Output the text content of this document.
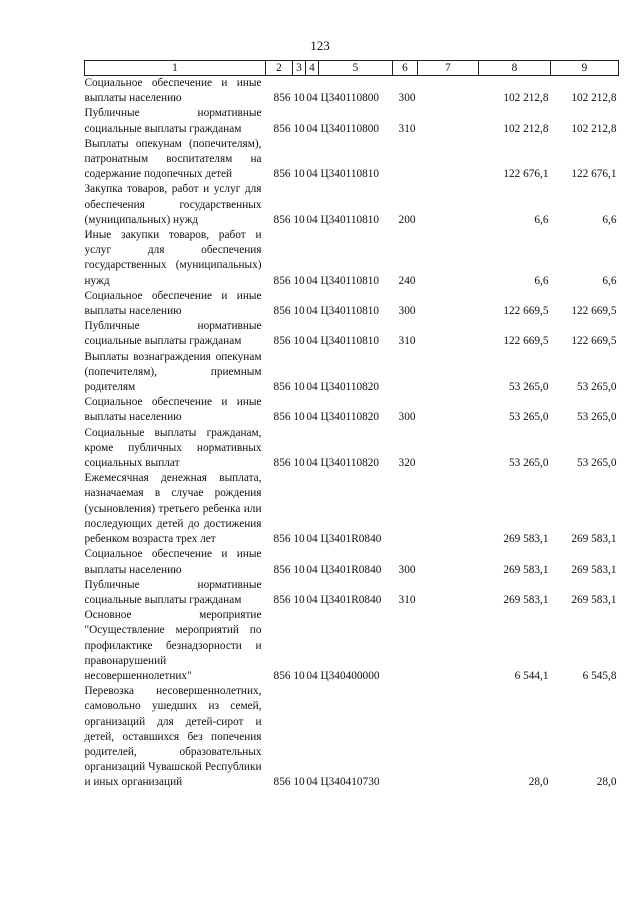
123
1	2	3	4	5	6	7	8	9
Социальное обеспечение и иные выплаты населению	856	10	04	Ц340110800	300		102 212,8	102 212,8
Публичные нормативные социальные выплаты гражданам	856	10	04	Ц340110800	310		102 212,8	102 212,8
Выплаты опекунам (попечителям), патронатным воспитателям на содержание подопечных детей	856	10	04	Ц340110810			122 676,1	122 676,1
Закупка товаров, работ и услуг для обеспечения государственных (муниципальных) нужд	856	10	04	Ц340110810	200		6,6	6,6
Иные закупки товаров, работ и услуг для обеспечения государственных (муниципальных) нужд	856	10	04	Ц340110810	240		6,6	6,6
Социальное обеспечение и иные выплаты населению	856	10	04	Ц340110810	300		122 669,5	122 669,5
Публичные нормативные социальные выплаты гражданам	856	10	04	Ц340110810	310		122 669,5	122 669,5
Выплаты вознаграждения опекунам (попечителям), приемным родителям	856	10	04	Ц340110820			53 265,0	53 265,0
Социальное обеспечение и иные выплаты населению	856	10	04	Ц340110820	300		53 265,0	53 265,0
Социальные выплаты гражданам, кроме публичных нормативных социальных выплат	856	10	04	Ц340110820	320		53 265,0	53 265,0
Ежемесячная денежная выплата, назначаемая в случае рождения (усыновления) третьего ребенка или последующих детей до достижения ребенком возраста трех лет	856	10	04	Ц3401R0840			269 583,1	269 583,1
Социальное обеспечение и иные выплаты населению	856	10	04	Ц3401R0840	300		269 583,1	269 583,1
Публичные нормативные социальные выплаты гражданам	856	10	04	Ц3401R0840	310		269 583,1	269 583,1
Основное мероприятие "Осуществление мероприятий по профилактике безнадзорности и правонарушений несовершеннолетних"	856	10	04	Ц340400000			6 544,1	6 545,8
Перевозка несовершеннолетних, самовольно ушедших из семей, организаций для детей-сирот и детей, оставшихся без попечения родителей, образовательных организаций Чувашской Республики и иных организаций	856	10	04	Ц340410730			28,0	28,0
